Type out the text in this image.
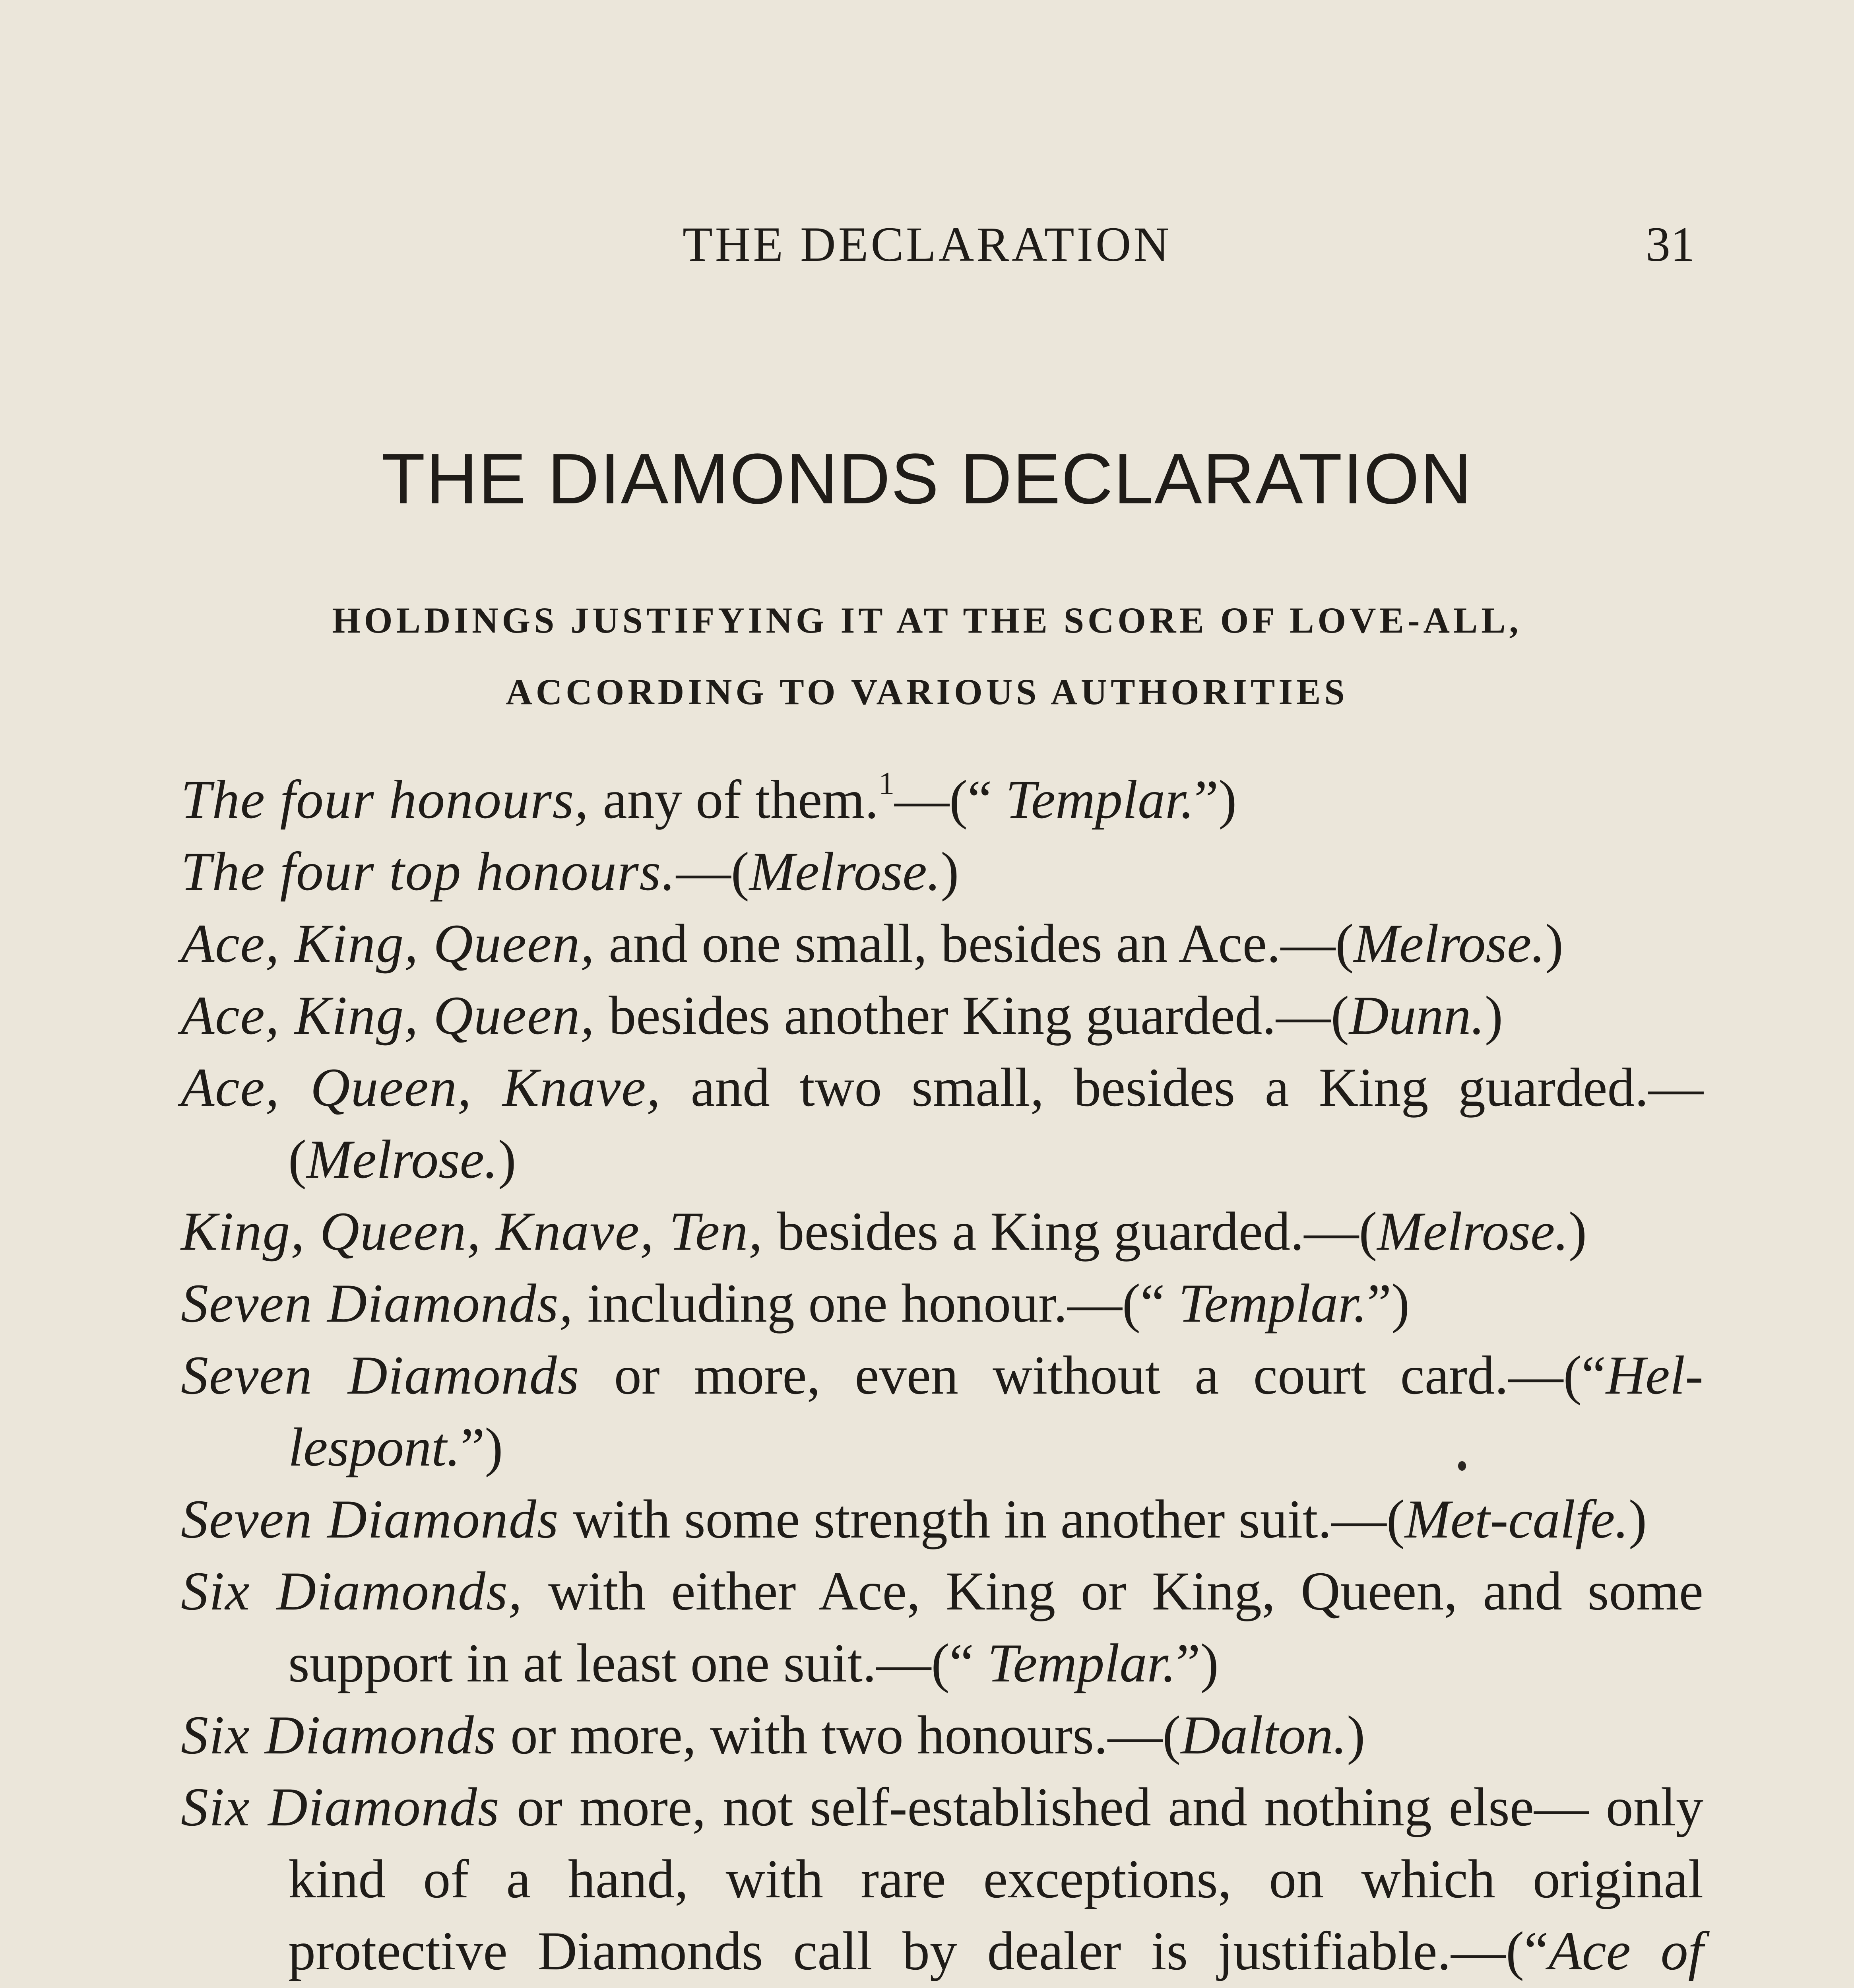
THE DECLARATION	31
THE DIAMONDS DECLARATION
HOLDINGS JUSTIFYING IT AT THE SCORE OF LOVE-ALL,
ACCORDING TO VARIOUS AUTHORITIES

The four honours, any of them.$^1$—(“ Templar.”)

The four top honours.—(Melrose.)

Ace, King, Queen, and one small, besides an Ace.—(Melrose.)

Ace, King, Queen, besides another King guarded.—(Dunn.)

Ace, Queen, Knave, and two small, besides a King guarded.— (Melrose.)

King, Queen, Knave, Ten, besides a King guarded.—(Melrose.)

Seven Diamonds, including one honour.—(“ Templar.”)

Seven Diamonds or more, even without a court card.—(“Hel-lespont.”)

Seven Diamonds with some strength in another suit.—(Met-calfe.)

Six Diamonds, with either Ace, King or King, Queen, and some support in at least one suit.—(“ Templar.”)

Six Diamonds or more, with two honours.—(Dalton.)

Six Diamonds or more, not self-established and nothing else— only kind of a hand, with rare exceptions, on which original protective Diamonds call by dealer is justifiable.—(“Ace of
